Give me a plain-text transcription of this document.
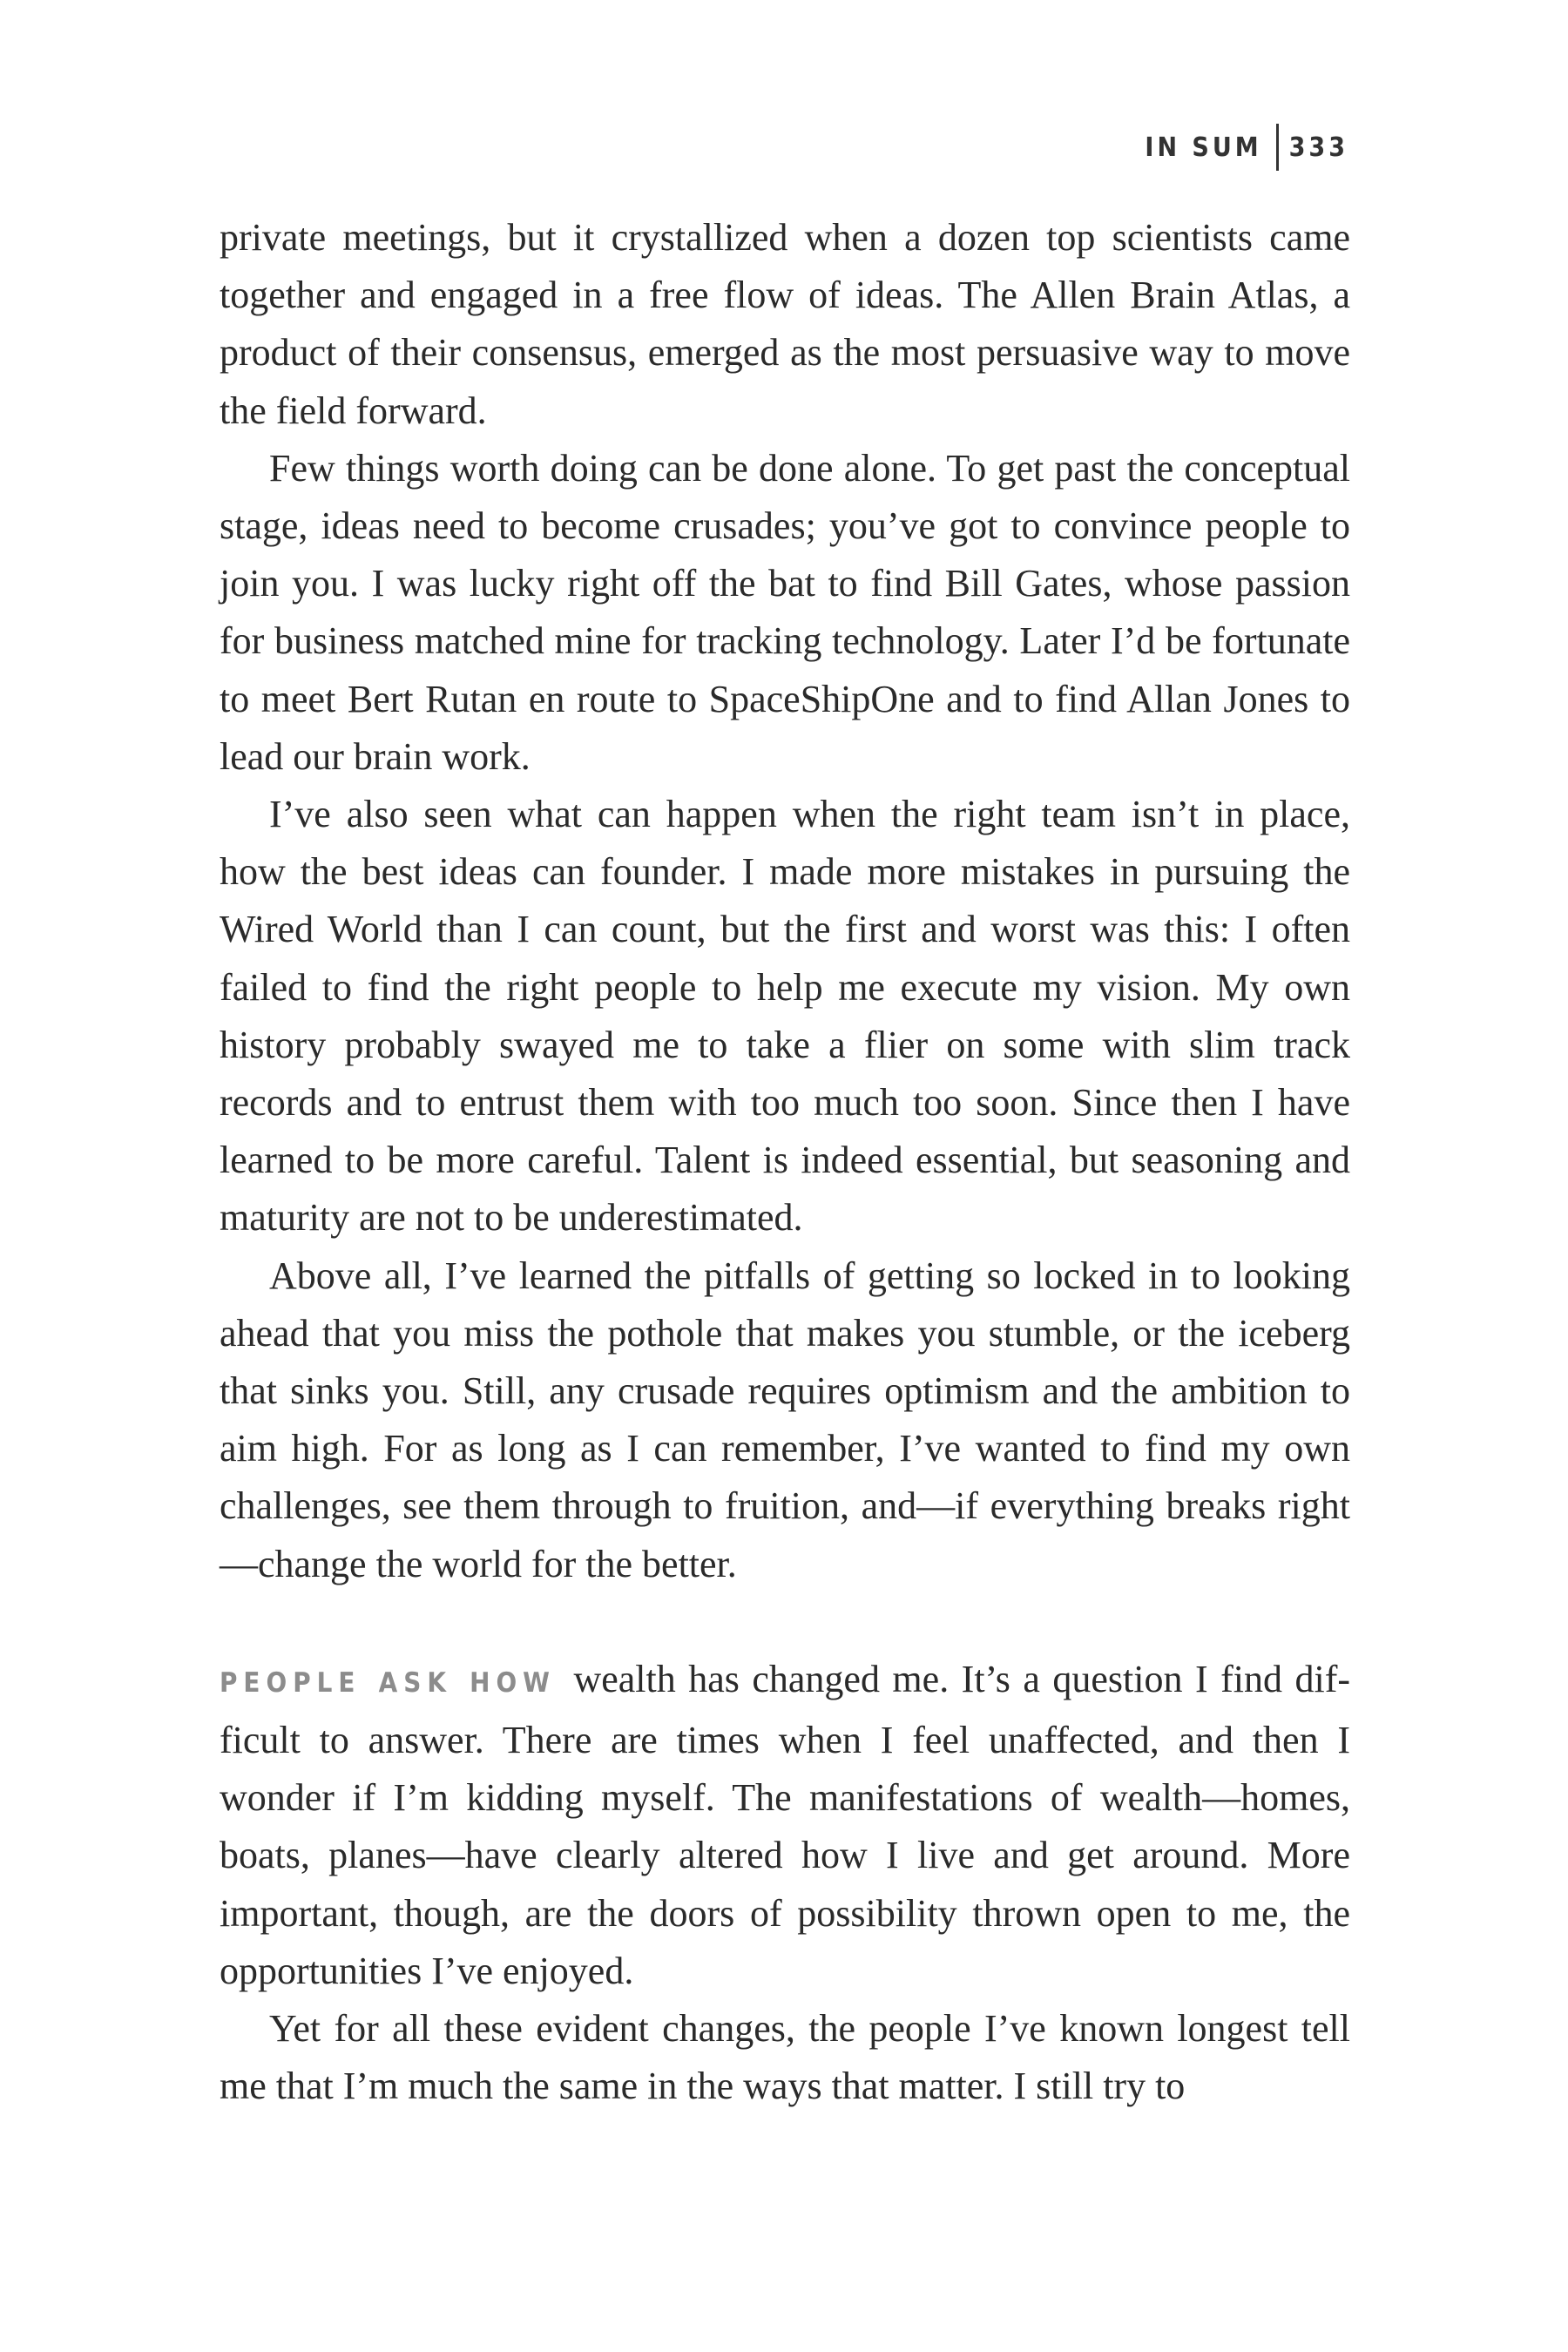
IN SUM	333

private meetings, but it crystallized when a dozen top scientists came together and engaged in a free flow of ideas. The Allen Brain Atlas, a product of their consensus, emerged as the most persuasive way to move the field forward.

Few things worth doing can be done alone. To get past the conceptual stage, ideas need to become crusades; you’ve got to convince people to join you. I was lucky right off the bat to find Bill Gates, whose passion for business matched mine for tracking technology. Later I’d be fortunate to meet Bert Rutan en route to SpaceShipOne and to find Allan Jones to lead our brain work.

I’ve also seen what can happen when the right team isn’t in place, how the best ideas can founder. I made more mistakes in pursuing the Wired World than I can count, but the first and worst was this: I often failed to find the right people to help me execute my vision. My own history probably swayed me to take a flier on some with slim track records and to entrust them with too much too soon. Since then I have learned to be more careful. Talent is indeed essential, but seasoning and maturity are not to be underestimated.

Above all, I’ve learned the pitfalls of getting so locked in to looking ahead that you miss the pothole that makes you stumble, or the iceberg that sinks you. Still, any crusade requires optimism and the ambition to aim high. For as long as I can remember, I’ve wanted to find my own challenges, see them through to fruition, and—if everything breaks right—change the world for the better.

PEOPLE ASK HOW wealth has changed me. It’s a question I find difficult to answer. There are times when I feel unaffected, and then I wonder if I’m kidding myself. The manifestations of wealth—homes, boats, planes—have clearly altered how I live and get around. More important, though, are the doors of possibility thrown open to me, the opportunities I’ve enjoyed.

Yet for all these evident changes, the people I’ve known longest tell me that I’m much the same in the ways that matter. I still try to
